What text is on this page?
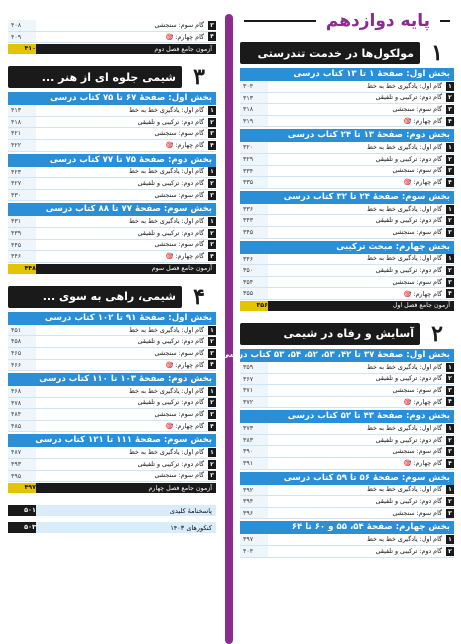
پایه دوازدهم
۱
مولکول‌ها در خدمت تندرستی
بخش اول: صفحهٔ ۱ تا ۱۳ کتاب درسی
۱
گام اول: یادگیری خط به خط
۳۰۴
۲
گام دوم: ترکیبی و تلفیقی
۳۱۳
۳
گام سوم: سنجشی
۳۱۸
۴
گام چهارم: 🎯
۳۱۹
بخش دوم: صفحهٔ ۱۳ تا ۲۴ کتاب درسی
۱
گام اول: یادگیری خط به خط
۳۲۰
۲
گام دوم: ترکیبی و تلفیقی
۳۲۹
۳
گام سوم: سنجشی
۳۳۴
۴
گام چهارم: 🎯
۳۳۵
بخش سوم: صفحهٔ ۲۴ تا ۳۲ کتاب درسی
۱
گام اول: یادگیری خط به خط
۳۳۶
۲
گام دوم: ترکیبی و تلفیقی
۳۴۳
۳
گام سوم: سنجشی
۳۴۵
بخش چهارم: مبحث ترکیبی
۱
گام اول: یادگیری خط به خط
۳۴۶
۲
گام دوم: ترکیبی و تلفیقی
۳۵۰
۳
گام سوم: سنجشی
۳۵۴
۴
گام چهارم: 🎯
۳۵۵
آزمون جامع فصل اول
۳۵۶
۲
آسایش و رفاه در شیمی
بخش اول: صفحهٔ ۳۷ تا ۴۲، ۵۳، ۵۲، ۵۴، ۵۳ کتاب درسی
۱
گام اول: یادگیری خط به خط
۳۵۹
۲
گام دوم: ترکیبی و تلفیقی
۳۶۷
۳
گام سوم: سنجشی
۳۷۱
۴
گام چهارم: 🎯
۳۷۲
بخش دوم: صفحهٔ ۴۳ تا ۵۲ کتاب درسی
۱
گام اول: یادگیری خط به خط
۳۷۳
۲
گام دوم: ترکیبی و تلفیقی
۳۸۳
۳
گام سوم: سنجشی
۳۹۰
۴
گام چهارم: 🎯
۳۹۱
بخش سوم: صفحهٔ ۵۶ تا ۵۹ کتاب درسی
۱
گام اول: یادگیری خط به خط
۳۹۲
۲
گام دوم: ترکیبی و تلفیقی
۳۹۴
۳
گام سوم: سنجشی
۳۹۶
بخش چهارم: صفحهٔ ۵۴، ۵۵ و ۶۰ تا ۶۴
۱
گام اول: یادگیری خط به خط
۳۹۷
۲
گام دوم: ترکیبی و تلفیقی
۴۰۴
۳
گام سوم: سنجشی
۴۰۸
۴
گام چهارم: 🎯
۴۰۹
آزمون جامع فصل دوم
۴۱۰
۳
شیمی جلوه ای از هنر ...
بخش اول: صفحهٔ ۶۷ تا ۷۵ کتاب درسی
۱
گام اول: یادگیری خط به خط
۴۱۳
۲
گام دوم: ترکیبی و تلفیقی
۴۱۸
۳
گام سوم: سنجشی
۴۲۱
۴
گام چهارم: 🎯
۴۲۲
بخش دوم: صفحهٔ ۷۵ تا ۷۷ کتاب درسی
۱
گام اول: یادگیری خط به خط
۴۲۳
۲
گام دوم: ترکیبی و تلفیقی
۴۲۷
۳
گام سوم: سنجشی
۴۳۰
بخش سوم: صفحهٔ ۷۷ تا ۸۸ کتاب درسی
۱
گام اول: یادگیری خط به خط
۴۳۱
۲
گام دوم: ترکیبی و تلفیقی
۴۳۹
۳
گام سوم: سنجشی
۴۴۵
۴
گام چهارم: 🎯
۴۴۶
آزمون جامع فصل سوم
۴۴۸
۴
شیمی، راهی به سوی ...
بخش اول: صفحهٔ ۹۱ تا ۱۰۲ کتاب درسی
۱
گام اول: یادگیری خط به خط
۴۵۱
۲
گام دوم: ترکیبی و تلفیقی
۴۵۸
۳
گام سوم: سنجشی
۴۶۵
۴
گام چهارم: 🎯
۴۶۶
بخش دوم: صفحهٔ ۱۰۳ تا ۱۱۰ کتاب درسی
۱
گام اول: یادگیری خط به خط
۴۶۸
۲
گام دوم: ترکیبی و تلفیقی
۴۷۸
۳
گام سوم: سنجشی
۴۸۴
۴
گام چهارم: 🎯
۴۸۵
بخش سوم: صفحهٔ ۱۱۱ تا ۱۲۱ کتاب درسی
۱
گام اول: یادگیری خط به خط
۴۸۷
۲
گام دوم: ترکیبی و تلفیقی
۴۹۳
۳
گام سوم: سنجشی
۴۹۵
آزمون جامع فصل چهارم
۴۹۷
پاسخنامهٔ کلیدی
۵۰۱
کنکورهای ۱۴۰۳
۵۰۳
